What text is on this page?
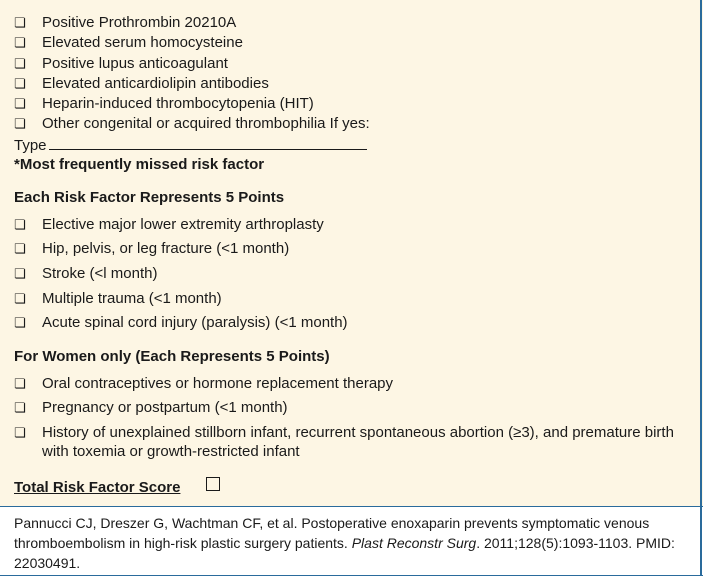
❏ Positive Prothrombin 20210A
❏ Elevated serum homocysteine
❏ Positive lupus anticoagulant
❏ Elevated anticardiolipin antibodies
❏ Heparin-induced thrombocytopenia (HIT)
❏ Other congenital or acquired thrombophilia If yes:
Type
*Most frequently missed risk factor
Each Risk Factor Represents 5 Points
❏ Elective major lower extremity arthroplasty
❏ Hip, pelvis, or leg fracture (<1 month)
❏ Stroke (<l month)
❏ Multiple trauma (<1 month)
❏ Acute spinal cord injury (paralysis) (<1 month)
For Women only (Each Represents 5 Points)
❏ Oral contraceptives or hormone replacement therapy
❏ Pregnancy or postpartum (<1 month)
❏ History of unexplained stillborn infant, recurrent spontaneous abortion (≥3), and premature birth with toxemia or growth-restricted infant
Total Risk Factor Score
Pannucci CJ, Dreszer G, Wachtman CF, et al. Postoperative enoxaparin prevents symptomatic venous thromboembolism in high-risk plastic surgery patients. Plast Reconstr Surg. 2011;128(5):1093-1103. PMID: 22030491.
